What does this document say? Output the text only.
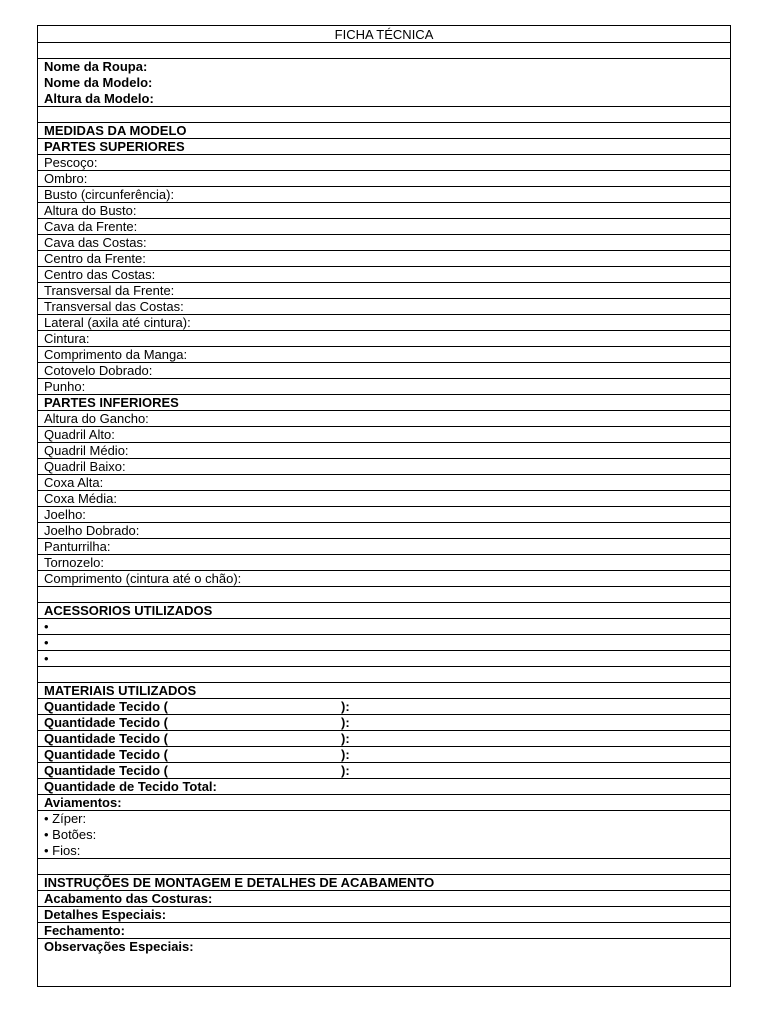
FICHA TÉCNICA
Nome da Roupa:
Nome da Modelo:
Altura da Modelo:
MEDIDAS DA MODELO
PARTES SUPERIORES
Pescoço:
Ombro:
Busto (circunferência):
Altura do Busto:
Cava da Frente:
Cava das Costas:
Centro da Frente:
Centro das Costas:
Transversal da Frente:
Transversal das Costas:
Lateral (axila até cintura):
Cintura:
Comprimento da Manga:
Cotovelo Dobrado:
Punho:
PARTES INFERIORES
Altura do Gancho:
Quadril Alto:
Quadril Médio:
Quadril Baixo:
Coxa Alta:
Coxa Média:
Joelho:
Joelho Dobrado:
Panturrilha:
Tornozelo:
Comprimento (cintura até o chão):
ACESSORIOS UTILIZADOS
•
•
•
MATERIAIS UTILIZADOS
Quantidade Tecido (	):
Quantidade Tecido (	):
Quantidade Tecido (	):
Quantidade Tecido (	):
Quantidade Tecido (	):
Quantidade de Tecido Total:
Aviamentos:
• Zíper:
• Botões:
• Fios:
INSTRUÇÕES DE MONTAGEM E DETALHES DE ACABAMENTO
Acabamento das Costuras:
Detalhes Especiais:
Fechamento:
Observações Especiais:
